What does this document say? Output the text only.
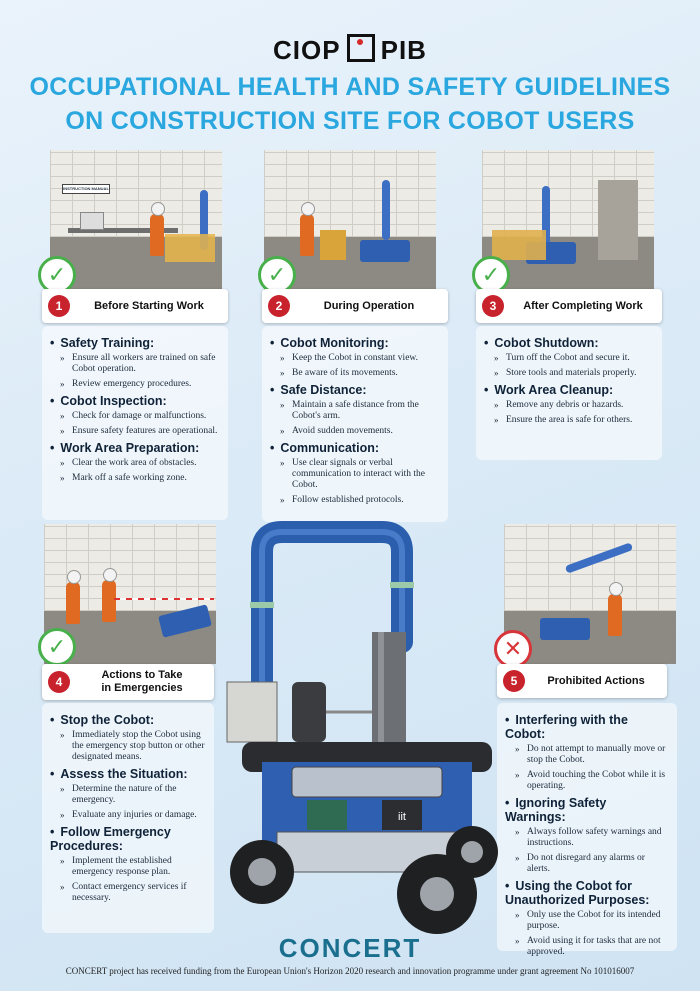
CIOP PIB
OCCUPATIONAL HEALTH AND SAFETY GUIDELINES
ON CONSTRUCTION SITE FOR COBOT USERS
INSTRUCTION MANUAL
✓
1	Before Starting Work
• Safety Training:
» Ensure all workers are trained on safe Cobot operation.
» Review emergency procedures.
• Cobot Inspection:
» Check for damage or malfunctions.
» Ensure safety features are operational.
• Work Area Preparation:
» Clear the work area of obstacles.
» Mark off a safe working zone.
✓
2	During Operation
• Cobot Monitoring:
» Keep the Cobot in constant view.
» Be aware of its movements.
• Safe Distance:
» Maintain a safe distance from the Cobot's arm.
» Avoid sudden movements.
• Communication:
» Use clear signals or verbal communication to interact with the Cobot.
» Follow established protocols.
✓
3	After Completing Work
• Cobot Shutdown:
» Turn off the Cobot and secure it.
» Store tools and materials properly.
• Work Area Cleanup:
» Remove any debris or hazards.
» Ensure the area is safe for others.
✓
4	Actions to Take in Emergencies
• Stop the Cobot:
» Immediately stop the Cobot using the emergency stop button or other designated means.
• Assess the Situation:
» Determine the nature of the emergency.
» Evaluate any injuries or damage.
• Follow Emergency Procedures:
» Implement the established emergency response plan.
» Contact emergency services if necessary.
✕
5	Prohibited Actions
• Interfering with the Cobot:
» Do not attempt to manually move or stop the Cobot.
» Avoid touching the Cobot while it is operating.
• Ignoring Safety Warnings:
» Always follow safety warnings and instructions.
» Do not disregard any alarms or alerts.
• Using the Cobot for Unauthorized Purposes:
» Only use the Cobot for its intended purpose.
» Avoid using it for tasks that are not approved.
iit
CONCERT
CONCERT project has received funding from the European Union's Horizon 2020 research and innovation programme under grant agreement No 101016007
